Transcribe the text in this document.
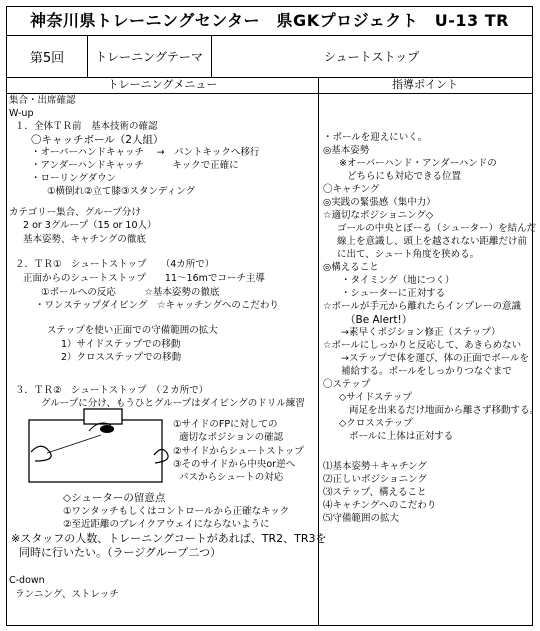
神奈川県トレーニングセンター　県GKプロジェクト　U-13 TR
第5回	トレーニングテーマ	シュートストップ
トレーニングメニュー	指導ポイント
集合・出席確認
W-up
１．全体ＴＲ前　基本技術の確認
〇キャッチボール（2人組）
・オーバーハンドキャッチ　 →　パントキックへ移行
・アンダーハンドキャッチ　　　キックで正確に
・ローリングダウン
①横倒れ②立て膝③スタンディング
カテゴリー集合、グループ分け
2 or 3グループ（15 or 10人）
基本姿勢、キャチングの徹底
２．ＴＲ①　シュートストップ　　（4カ所で）
正面からのシュートストップ　　11～16mでコーチ主導
①ボールへの反応　　　☆基本姿勢の徹底
・ワンステップダイビング　☆キャッチングへのこだわり
ステップを使い正面での守備範囲の拡大
1）サイドステップでの移動
2）クロスステップでの移動
３．ＴＲ②　シュートストップ　（２カ所で）
グループに分け、もうひとグループはダイビングのドリル練習
①サイドのFPに対しての
適切なポジションの確認
②サイドからシュートストップ
③そのサイドから中央or逆へ
パスからシュートの対応
◇シューターの留意点
①ワンタッチもしくはコントロールから正確なキック
②至近距離のブレイクアウェイにならないように
※スタッフの人数、トレーニングコートがあれば、TR2、TR3を
同時に行いたい。（ラージグループ二つ）
C-down
ランニング、ストレッチ
・ボールを迎えにいく。
◎基本姿勢
※オーバーハンド・アンダーハンドの
どちらにも対応できる位置
〇キャチング
◎実践の緊張感（集中力）
☆適切なポジショニング◇
ゴールの中央とぼーる（シューター）を結んだ
線上を意識し、頭上を越されない距離だけ前
に出て、シュート角度を狭める。
◎構えること
・タイミング（地につく）
・シューターに正対する
☆ボールが手元から離れたらインプレーの意識
（Be Alert!）
→素早くポジション修正（ステップ）
☆ボールにしっかりと反応して、あきらめない
→ステップで体を運び、体の正面でボールを
補給する。ボールをしっかりつなぐまで
〇ステップ
◇サイドステップ
両足を出来るだけ地面から離さず移動する。
◇クロスステップ
ボールに上体は正対する
⑴基本姿勢＋キャチング
⑵正しいポジショニング
⑶ステップ、構えること
⑷キャチングへのこだわり
⑸守備範囲の拡大
